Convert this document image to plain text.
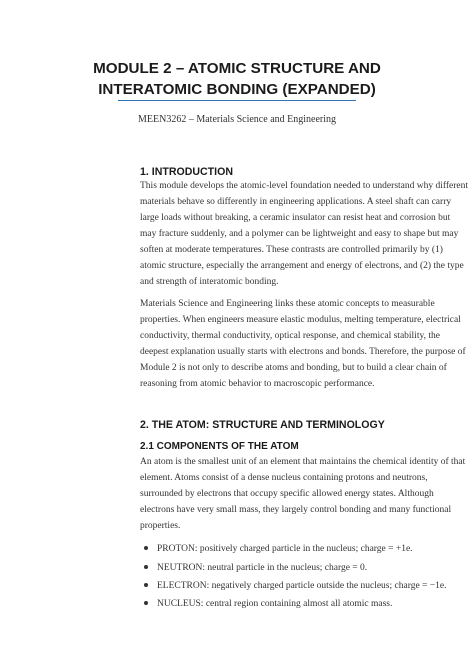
MODULE 2 – ATOMIC STRUCTURE AND
INTERATOMIC BONDING (EXPANDED)
MEEN3262 – Materials Science and Engineering
1. INTRODUCTION
This module develops the atomic-level foundation needed to understand why different
materials behave so differently in engineering applications. A steel shaft can carry
large loads without breaking, a ceramic insulator can resist heat and corrosion but
may fracture suddenly, and a polymer can be lightweight and easy to shape but may
soften at moderate temperatures. These contrasts are controlled primarily by (1)
atomic structure, especially the arrangement and energy of electrons, and (2) the type
and strength of interatomic bonding.
Materials Science and Engineering links these atomic concepts to measurable
properties. When engineers measure elastic modulus, melting temperature, electrical
conductivity, thermal conductivity, optical response, and chemical stability, the
deepest explanation usually starts with electrons and bonds. Therefore, the purpose of
Module 2 is not only to describe atoms and bonding, but to build a clear chain of
reasoning from atomic behavior to macroscopic performance.
2. THE ATOM: STRUCTURE AND TERMINOLOGY
2.1 COMPONENTS OF THE ATOM
An atom is the smallest unit of an element that maintains the chemical identity of that
element. Atoms consist of a dense nucleus containing protons and neutrons,
surrounded by electrons that occupy specific allowed energy states. Although
electrons have very small mass, they largely control bonding and many functional
properties.
PROTON: positively charged particle in the nucleus; charge = +1e.
NEUTRON: neutral particle in the nucleus; charge = 0.
ELECTRON: negatively charged particle outside the nucleus; charge = −1e.
NUCLEUS: central region containing almost all atomic mass.
